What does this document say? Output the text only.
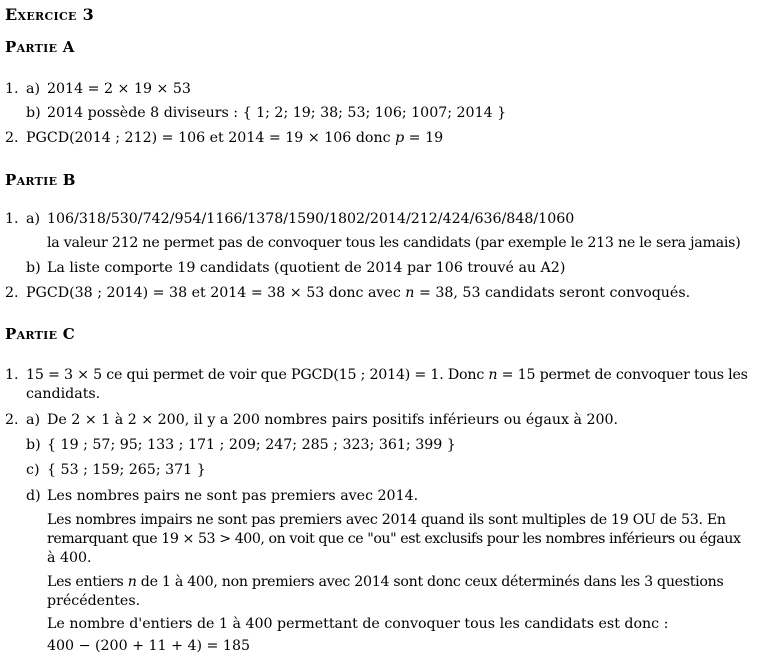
Exercice 3
Partie A
1. a) 2014 = 2 × 19 × 53
b) 2014 possède 8 diviseurs : { 1; 2; 19; 38; 53; 106; 1007; 2014 }
2. PGCD(2014 ; 212) = 106 et 2014 = 19 × 106 donc p = 19
Partie B
1. a) 106/318/530/742/954/1166/1378/1590/1802/2014/212/424/636/848/1060
la valeur 212 ne permet pas de convoquer tous les candidats (par exemple le 213 ne le sera jamais)
b) La liste comporte 19 candidats (quotient de 2014 par 106 trouvé au A2)
2. PGCD(38 ; 2014) = 38 et 2014 = 38 × 53 donc avec n = 38, 53 candidats seront convoqués.
Partie C
1. 15 = 3 × 5 ce qui permet de voir que PGCD(15 ; 2014) = 1. Donc n = 15 permet de convoquer tous les
candidats.
2. a) De 2 × 1 à 2 × 200, il y a 200 nombres pairs positifs inférieurs ou égaux à 200.
b) { 19 ; 57; 95; 133 ; 171 ; 209; 247; 285 ; 323; 361; 399 }
c) { 53 ; 159; 265; 371 }
d) Les nombres pairs ne sont pas premiers avec 2014.
Les nombres impairs ne sont pas premiers avec 2014 quand ils sont multiples de 19 OU de 53. En
remarquant que 19 × 53 > 400, on voit que ce "ou" est exclusifs pour les nombres inférieurs ou égaux
à 400.
Les entiers n de 1 à 400, non premiers avec 2014 sont donc ceux déterminés dans les 3 questions
précédentes.
Le nombre d'entiers de 1 à 400 permettant de convoquer tous les candidats est donc :
400 − (200 + 11 + 4) = 185
